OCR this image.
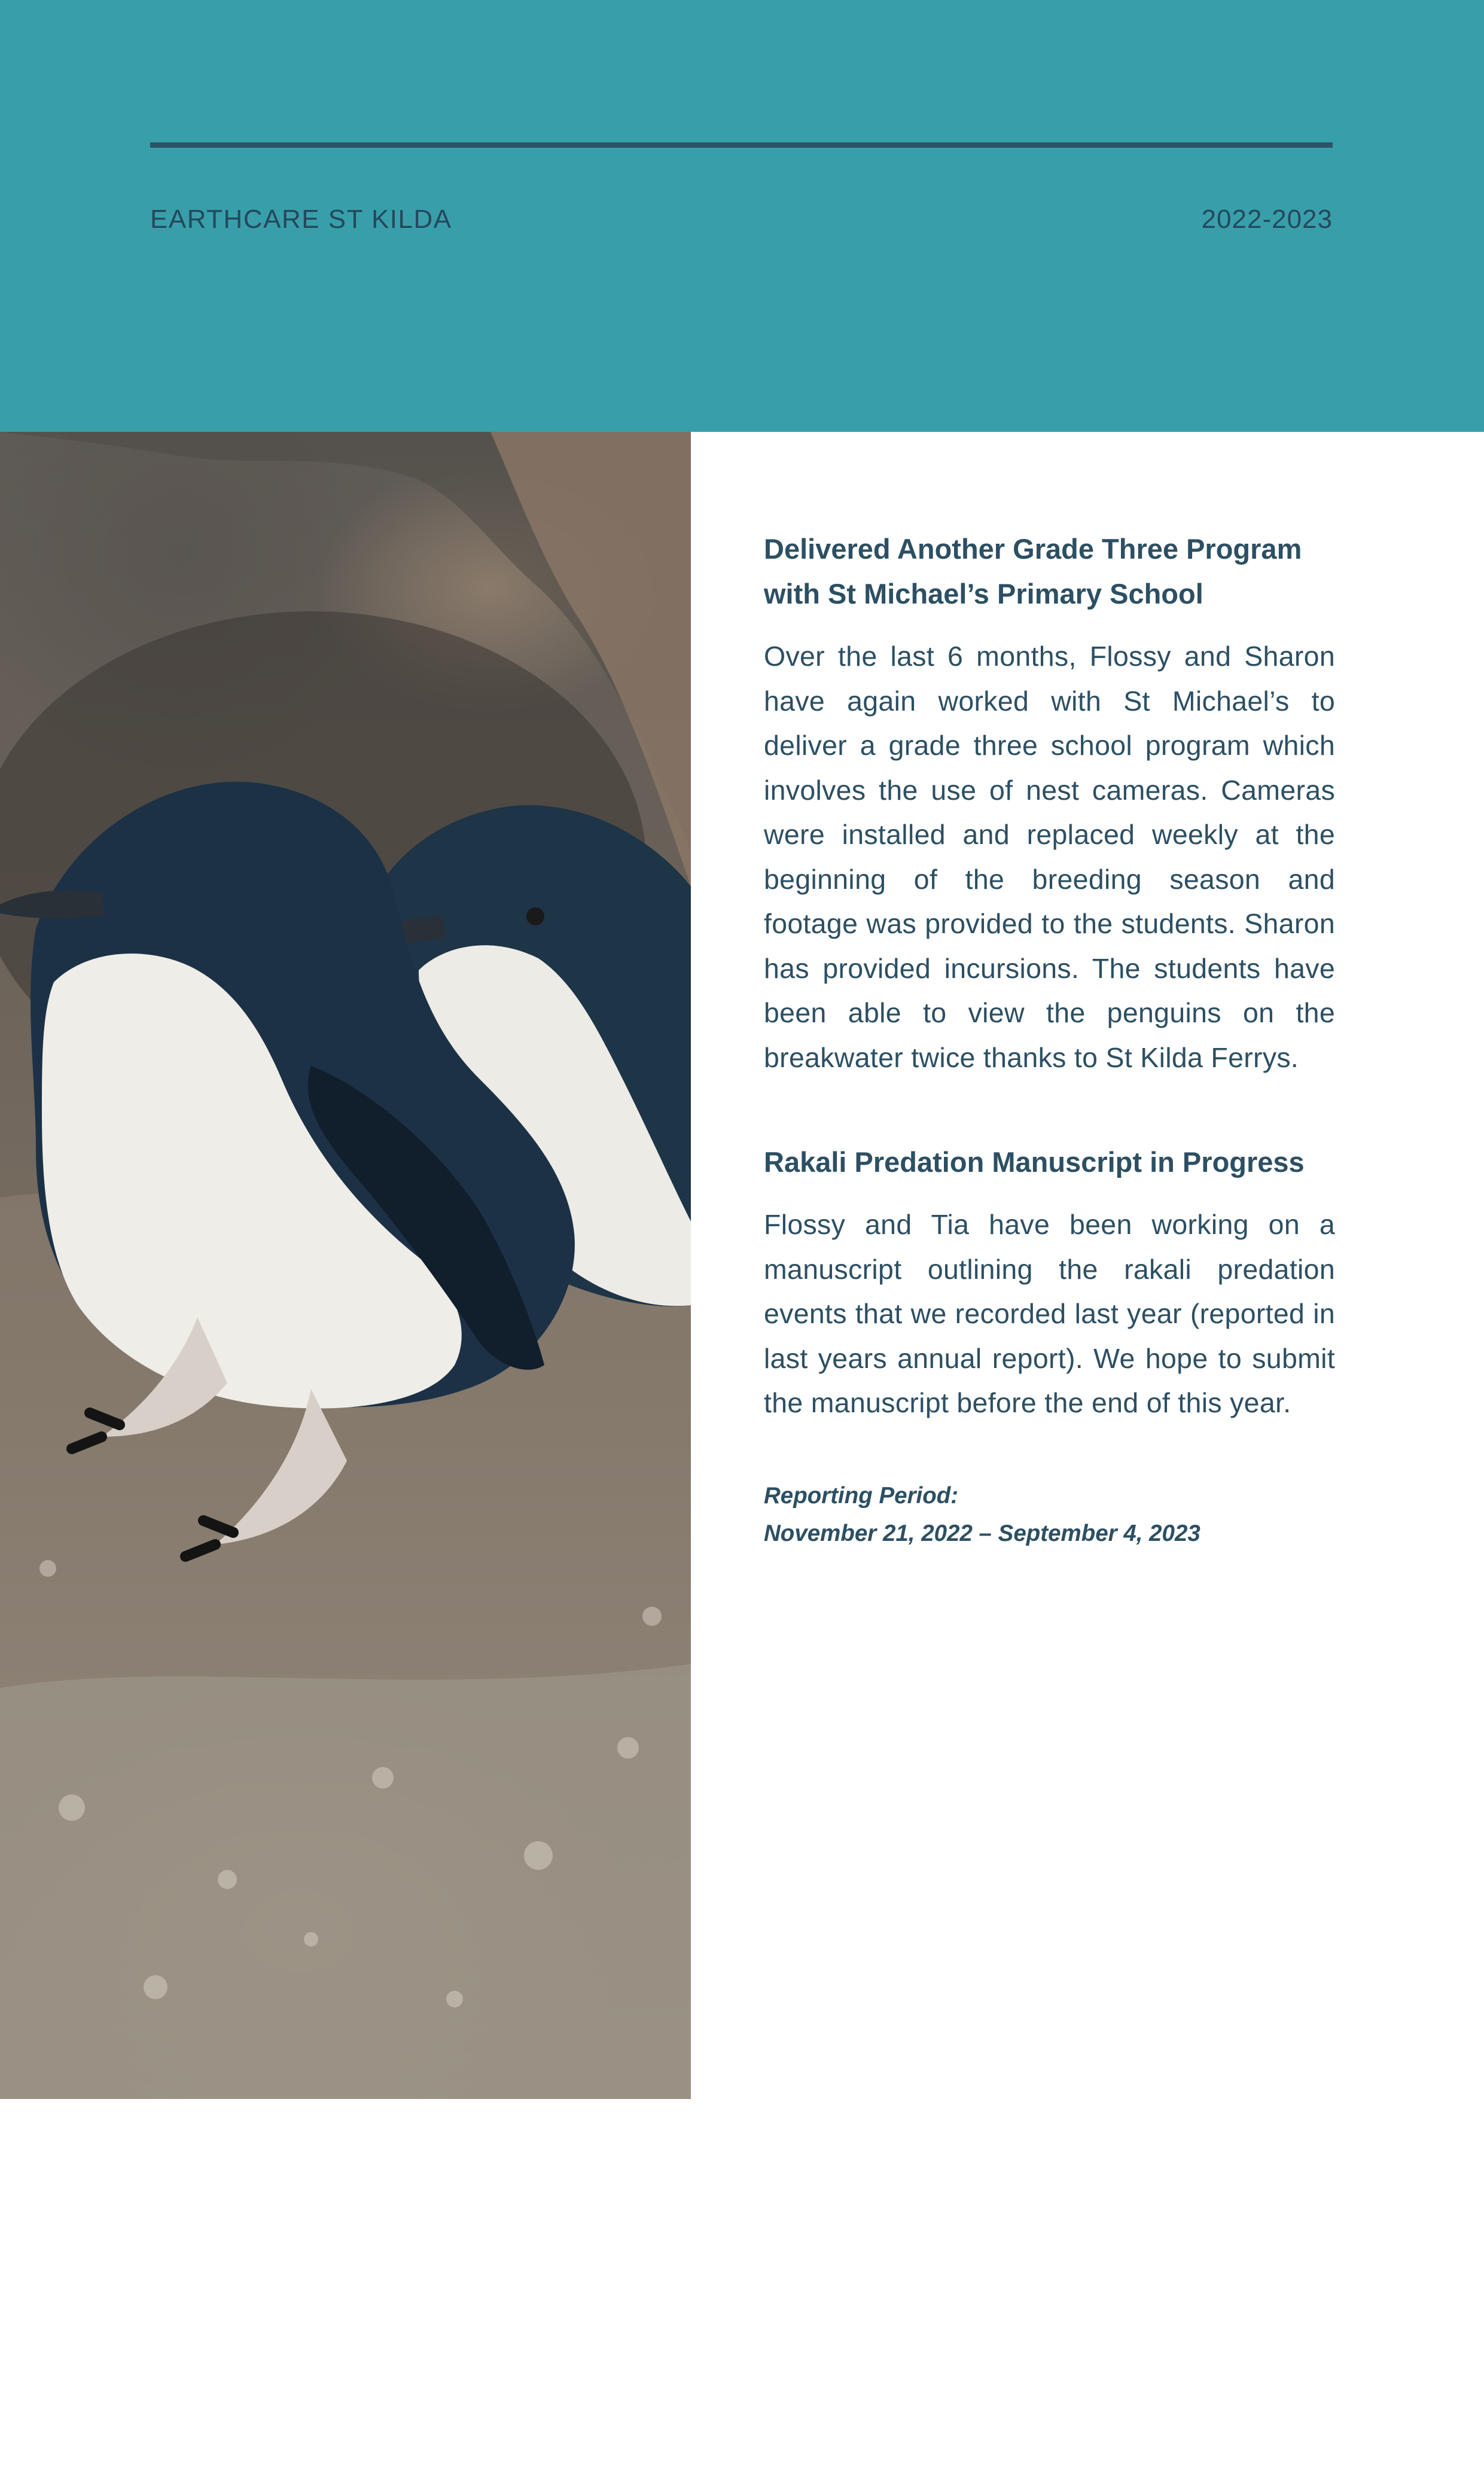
EARTHCARE ST KILDA	2022-2023
8

Delivered Another Grade Three Program with St Michael’s Primary School

Over the last 6 months, Flossy and Sharon have again worked with St Michael’s to deliver a grade three school program which involves the use of nest cameras. Cameras were installed and replaced weekly at the beginning of the breeding season and footage was provided to the students. Sharon has provided incursions. The students have been able to view the penguins on the breakwater twice thanks to St Kilda Ferrys.

Rakali Predation Manuscript in Progress

Flossy and Tia have been working on a manuscript outlining the rakali predation events that we recorded last year (reported in last years annual report). We hope to submit the manuscript before the end of this year.

Reporting Period:
November 21, 2022 – September 4, 2023
